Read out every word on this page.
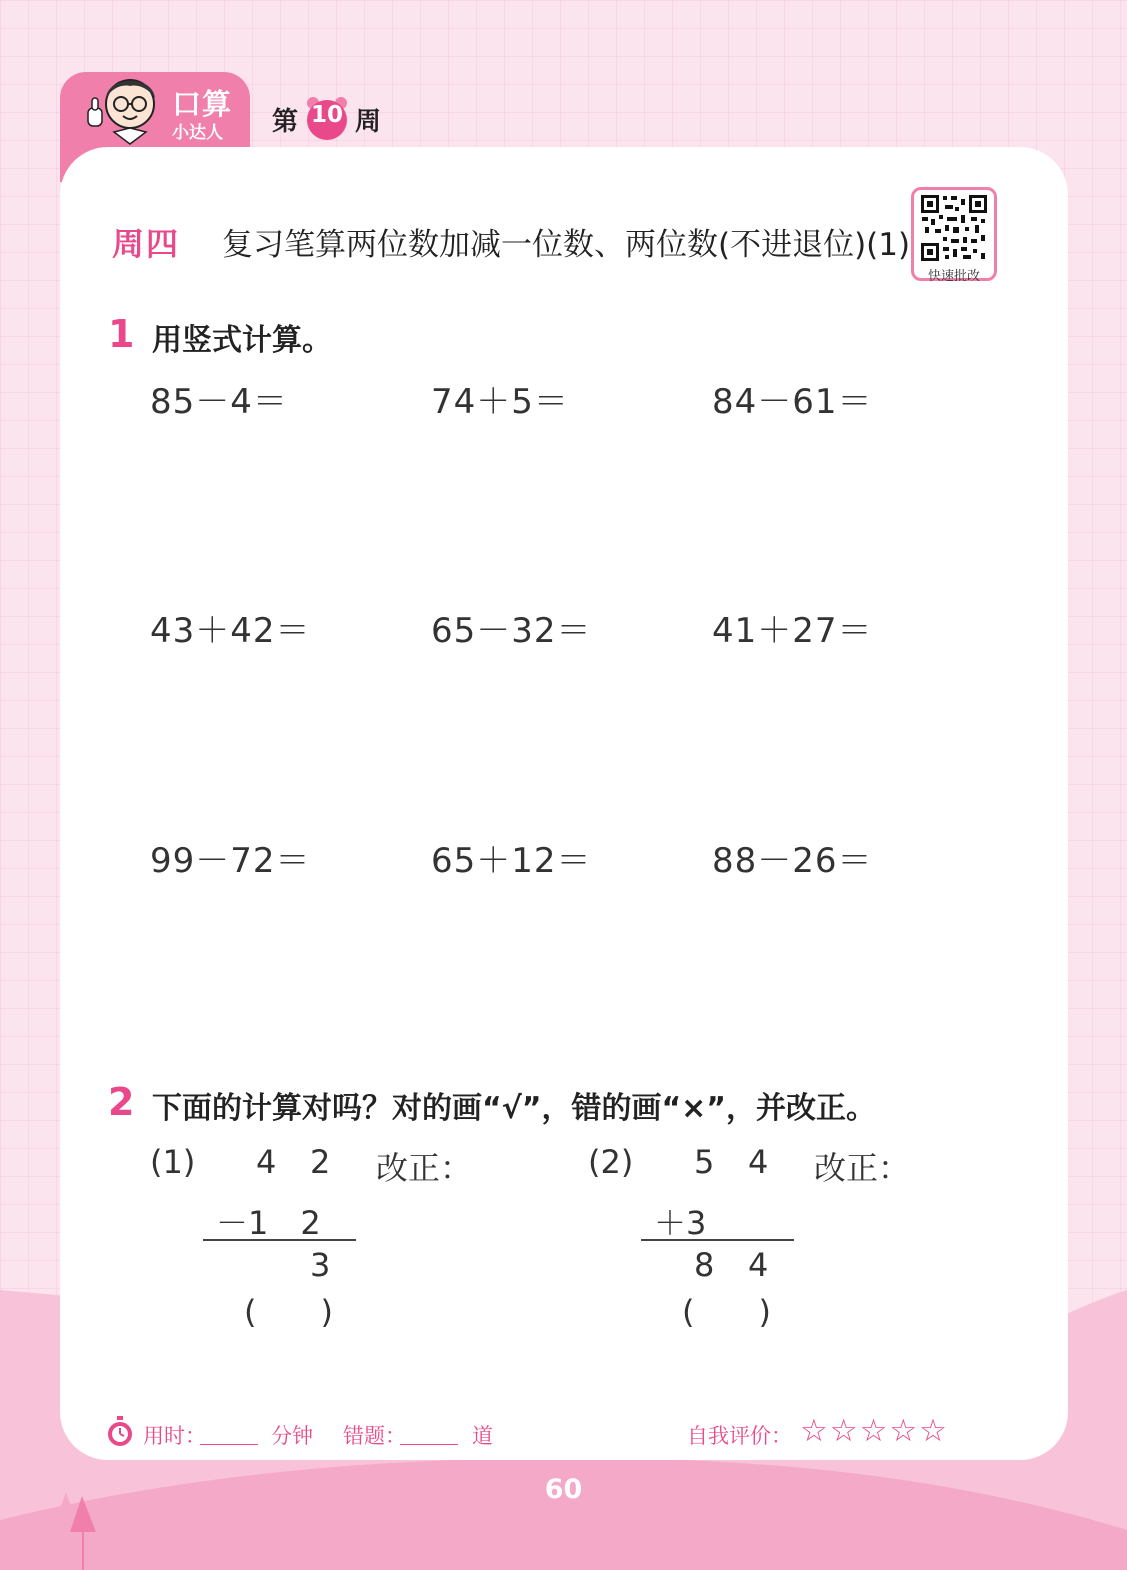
口算
小达人 第 10 周
周四 复习笔算两位数加减一位数、两位数(不进退位)(1)
快速批改
1 用竖式计算。
85－4＝	74＋5＝	84－61＝
43＋42＝	65－32＝	41＋27＝
99－72＝	65＋12＝	88－26＝
2 下面的计算对吗？对的画“√”，错的画“×”，并改正。
(1) 4 2 改正：
－1　2
3
(　　)
(2) 5 4 改正：
＋3
8 4
(　　)
用时：	分钟 错题：	道	自我评价： ☆☆☆☆☆
60
